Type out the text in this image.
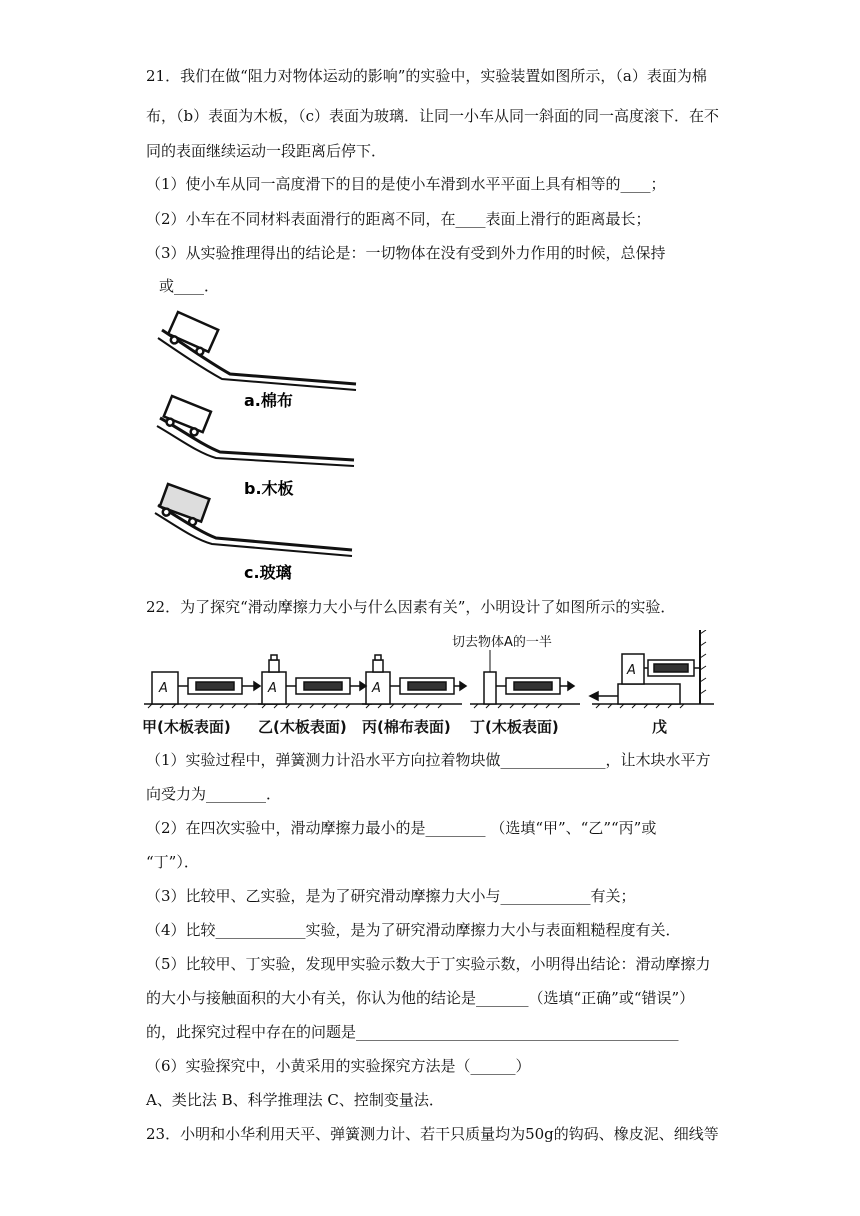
21．我们在做“阻力对物体运动的影响”的实验中，实验装置如图所示，（a）表面为棉
布，（b）表面为木板，（c）表面为玻璃．让同一小车从同一斜面的同一高度滚下．在不
同的表面继续运动一段距离后停下．
（1）使小车从同一高度滑下的目的是使小车滑到水平平面上具有相等的____；
（2）小车在不同材料表面滑行的距离不同，在____表面上滑行的距离最长；
（3）从实验推理得出的结论是：一切物体在没有受到外力作用的时候，总保持
或____．
a.棉布
b.木板
c.玻璃
22．为了探究“滑动摩擦力大小与什么因素有关”，小明设计了如图所示的实验．
A	A	A
A
切去物体A的一半
甲(木板表面) 乙(木板表面) 丙(棉布表面) 丁(木板表面)	戊
（1）实验过程中，弹簧测力计沿水平方向拉着物块做______________，让木块水平方
向受力为________．
（2）在四次实验中，滑动摩擦力最小的是________ （选填“甲”、“乙”“丙”或
“丁”）．
（3）比较甲、乙实验，是为了研究滑动摩擦力大小与____________有关；
（4）比较____________实验，是为了研究滑动摩擦力大小与表面粗糙程度有关．
（5）比较甲、丁实验，发现甲实验示数大于丁实验示数，小明得出结论：滑动摩擦力
的大小与接触面积的大小有关，你认为他的结论是_______（选填“正确”或“错误”）
的，此探究过程中存在的问题是___________________________________________
（6）实验探究中，小黄采用的实验探究方法是（______）
A、类比法 B、科学推理法 C、控制变量法．
23．小明和小华利用天平、弹簧测力计、若干只质量均为50g的钩码、橡皮泥、细线等
